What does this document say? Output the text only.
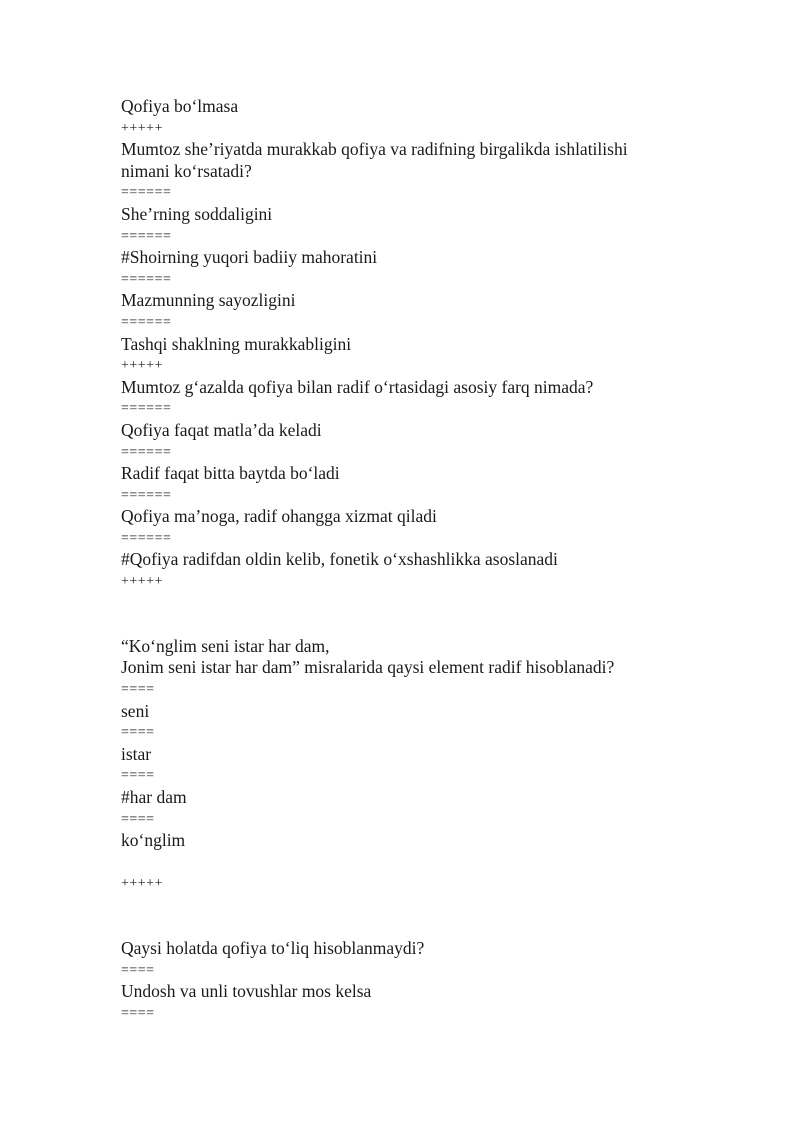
Qofiya bo‘lmasa
+++++
Mumtoz she’riyatda murakkab qofiya va radifning birgalikda ishlatilishi
nimani ko‘rsatadi?
======
She’rning soddaligini
======
#Shoirning yuqori badiiy mahoratini
======
Mazmunning sayozligini
======
Tashqi shaklning murakkabligini
+++++
Mumtoz g‘azalda qofiya bilan radif o‘rtasidagi asosiy farq nimada?
======
Qofiya faqat matla’da keladi
======
Radif faqat bitta baytda bo‘ladi
======
Qofiya ma’noga, radif ohangga xizmat qiladi
======
#Qofiya radifdan oldin kelib, fonetik o‘xshashlikka asoslanadi
+++++
“Ko‘nglim seni istar har dam,
Jonim seni istar har dam” misralarida qaysi element radif hisoblanadi?
====
seni
====
istar
====
#har dam
====
ko‘nglim
+++++
Qaysi holatda qofiya to‘liq hisoblanmaydi?
====
Undosh va unli tovushlar mos kelsa
====
